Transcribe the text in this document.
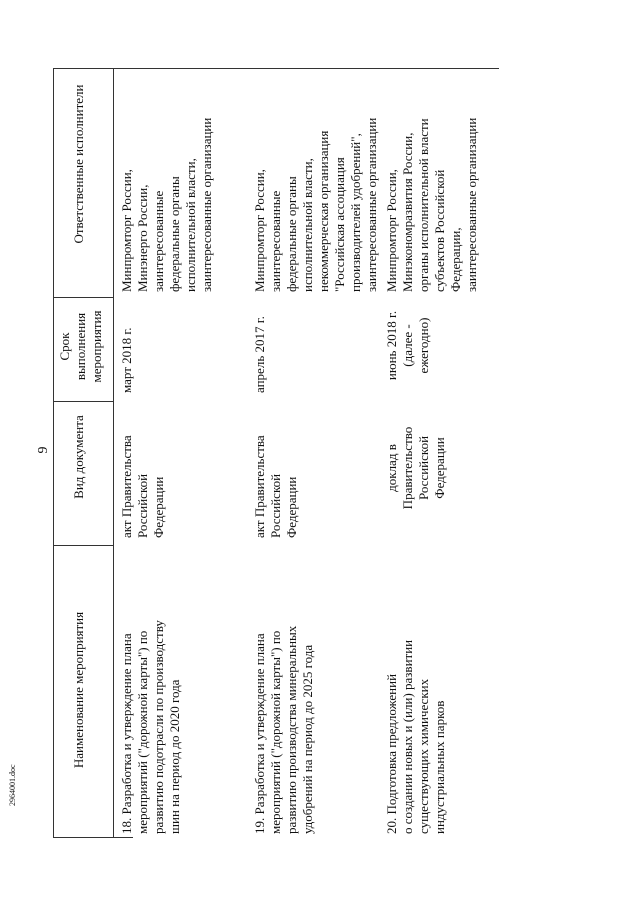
9
2964001.doc
Наименование мероприятия
Вид документа
Срок
выполнения
мероприятия
Ответственные исполнители
18. Разработка и утверждение плана
мероприятий ("дорожной карты") по
развитию подотрасли по производству
шин на период до 2020 года
акт Правительства
Российской
Федерации
март 2018 г.
Минпромторг России,
Минэнерго России,
заинтересованные
федеральные органы
исполнительной власти,
заинтересованные организации
19. Разработка и утверждение плана
мероприятий ("дорожной карты") по
развитию производства минеральных
удобрений на период до 2025 года
акт Правительства
Российской
Федерации
апрель 2017 г.
Минпромторг России,
заинтересованные
федеральные органы
исполнительной власти,
некоммерческая организация
"Российская ассоциация
производителей удобрений",
заинтересованные организации
20. Подготовка предложений
о создании новых и (или) развитии
существующих химических
индустриальных парков
доклад в
Правительство
Российской
Федерации
июнь 2018 г.
(далее -
ежегодно)
Минпромторг России,
Минэкономразвития России,
органы исполнительной власти
субъектов Российской
Федерации,
заинтересованные организации
